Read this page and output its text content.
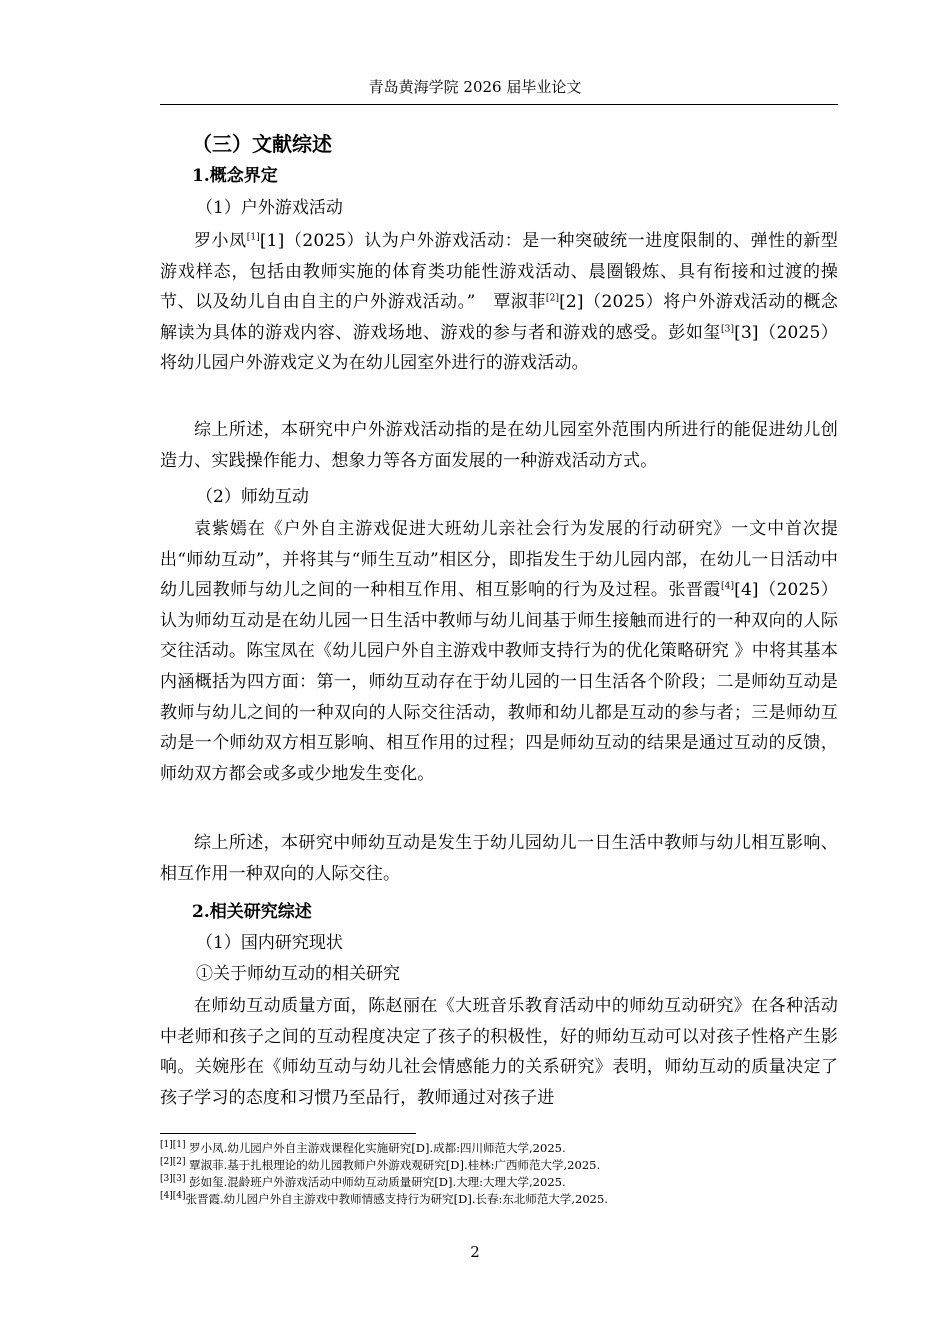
青岛黄海学院 2026 届毕业论文
（三）文献综述
1.概念界定
（1）户外游戏活动
罗小凤[1][1]（2025）认为户外游戏活动：是一种突破统一进度限制的、弹性的新型游戏样态，包括由教师实施的体育类功能性游戏活动、晨圈锻炼、具有衔接和过渡的操节、以及幼儿自由自主的户外游戏活动。”　覃淑菲[2][2]（2025）将户外游戏活动的概念解读为具体的游戏内容、游戏场地、游戏的参与者和游戏的感受。彭如玺[3][3]（2025）将幼儿园户外游戏定义为在幼儿园室外进行的游戏活动。
综上所述，本研究中户外游戏活动指的是在幼儿园室外范围内所进行的能促进幼儿创造力、实践操作能力、想象力等各方面发展的一种游戏活动方式。
（2）师幼互动
袁紫嫣在《户外自主游戏促进大班幼儿亲社会行为发展的行动研究》一文中首次提出“师幼互动”，并将其与“师生互动”相区分，即指发生于幼儿园内部，在幼儿一日活动中幼儿园教师与幼儿之间的一种相互作用、相互影响的行为及过程。张晋霞[4][4]（2025）认为师幼互动是在幼儿园一日生活中教师与幼儿间基于师生接触而进行的一种双向的人际交往活动。陈宝凤在《幼儿园户外自主游戏中教师支持行为的优化策略研究 》中将其基本内涵概括为四方面：第一，师幼互动存在于幼儿园的一日生活各个阶段；二是师幼互动是教师与幼儿之间的一种双向的人际交往活动，教师和幼儿都是互动的参与者；三是师幼互动是一个师幼双方相互影响、相互作用的过程；四是师幼互动的结果是通过互动的反馈，师幼双方都会或多或少地发生变化。
综上所述，本研究中师幼互动是发生于幼儿园幼儿一日生活中教师与幼儿相互影响、相互作用一种双向的人际交往。
2.相关研究综述
（1）国内研究现状
①关于师幼互动的相关研究
在师幼互动质量方面，陈赵丽在《大班音乐教育活动中的师幼互动研究》在各种活动中老师和孩子之间的互动程度决定了孩子的积极性，好的师幼互动可以对孩子性格产生影响。关婉彤在《师幼互动与幼儿社会情感能力的关系研究》表明，师幼互动的质量决定了孩子学习的态度和习惯乃至品行，教师通过对孩子进
[1][1] 罗小凤.幼儿园户外自主游戏课程化实施研究[D].成都:四川师范大学,2025.
[2][2] 覃淑菲.基于扎根理论的幼儿园教师户外游戏观研究[D].桂林:广西师范大学,2025.
[3][3] 彭如玺.混龄班户外游戏活动中师幼互动质量研究[D].大理:大理大学,2025.
[4][4]张晋霞.幼儿园户外自主游戏中教师情感支持行为研究[D].长春:东北师范大学,2025.
2
